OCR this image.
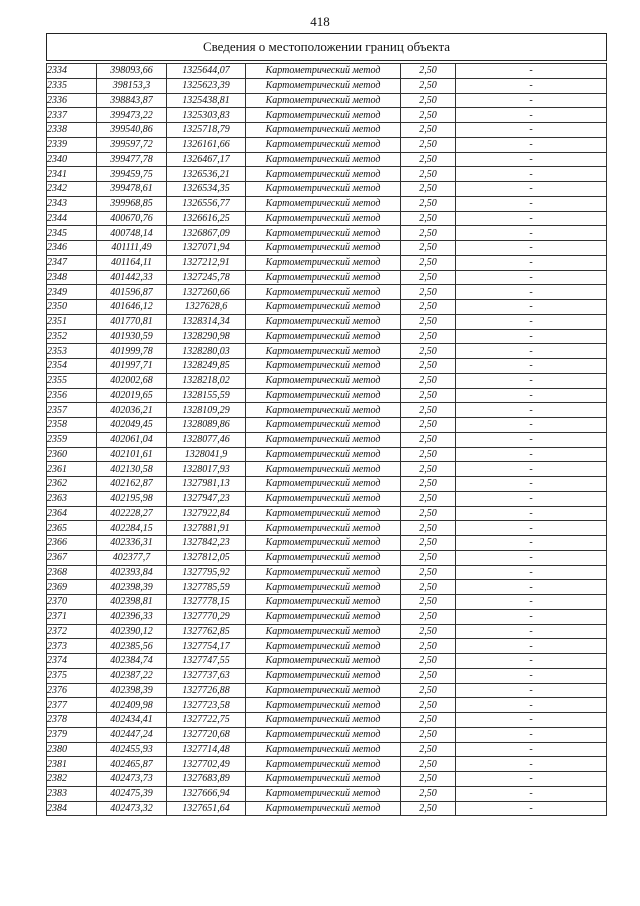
418
Сведения о местоположении границ объекта
2334	398093,66	1325644,07	Картометрический метод	2,50	-
2335	398153,3	1325623,39	Картометрический метод	2,50	-
2336	398843,87	1325438,81	Картометрический метод	2,50	-
2337	399473,22	1325303,83	Картометрический метод	2,50	-
2338	399540,86	1325718,79	Картометрический метод	2,50	-
2339	399597,72	1326161,66	Картометрический метод	2,50	-
2340	399477,78	1326467,17	Картометрический метод	2,50	-
2341	399459,75	1326536,21	Картометрический метод	2,50	-
2342	399478,61	1326534,35	Картометрический метод	2,50	-
2343	399968,85	1326556,77	Картометрический метод	2,50	-
2344	400670,76	1326616,25	Картометрический метод	2,50	-
2345	400748,14	1326867,09	Картометрический метод	2,50	-
2346	401111,49	1327071,94	Картометрический метод	2,50	-
2347	401164,11	1327212,91	Картометрический метод	2,50	-
2348	401442,33	1327245,78	Картометрический метод	2,50	-
2349	401596,87	1327260,66	Картометрический метод	2,50	-
2350	401646,12	1327628,6	Картометрический метод	2,50	-
2351	401770,81	1328314,34	Картометрический метод	2,50	-
2352	401930,59	1328290,98	Картометрический метод	2,50	-
2353	401999,78	1328280,03	Картометрический метод	2,50	-
2354	401997,71	1328249,85	Картометрический метод	2,50	-
2355	402002,68	1328218,02	Картометрический метод	2,50	-
2356	402019,65	1328155,59	Картометрический метод	2,50	-
2357	402036,21	1328109,29	Картометрический метод	2,50	-
2358	402049,45	1328089,86	Картометрический метод	2,50	-
2359	402061,04	1328077,46	Картометрический метод	2,50	-
2360	402101,61	1328041,9	Картометрический метод	2,50	-
2361	402130,58	1328017,93	Картометрический метод	2,50	-
2362	402162,87	1327981,13	Картометрический метод	2,50	-
2363	402195,98	1327947,23	Картометрический метод	2,50	-
2364	402228,27	1327922,84	Картометрический метод	2,50	-
2365	402284,15	1327881,91	Картометрический метод	2,50	-
2366	402336,31	1327842,23	Картометрический метод	2,50	-
2367	402377,7	1327812,05	Картометрический метод	2,50	-
2368	402393,84	1327795,92	Картометрический метод	2,50	-
2369	402398,39	1327785,59	Картометрический метод	2,50	-
2370	402398,81	1327778,15	Картометрический метод	2,50	-
2371	402396,33	1327770,29	Картометрический метод	2,50	-
2372	402390,12	1327762,85	Картометрический метод	2,50	-
2373	402385,56	1327754,17	Картометрический метод	2,50	-
2374	402384,74	1327747,55	Картометрический метод	2,50	-
2375	402387,22	1327737,63	Картометрический метод	2,50	-
2376	402398,39	1327726,88	Картометрический метод	2,50	-
2377	402409,98	1327723,58	Картометрический метод	2,50	-
2378	402434,41	1327722,75	Картометрический метод	2,50	-
2379	402447,24	1327720,68	Картометрический метод	2,50	-
2380	402455,93	1327714,48	Картометрический метод	2,50	-
2381	402465,87	1327702,49	Картометрический метод	2,50	-
2382	402473,73	1327683,89	Картометрический метод	2,50	-
2383	402475,39	1327666,94	Картометрический метод	2,50	-
2384	402473,32	1327651,64	Картометрический метод	2,50	-
